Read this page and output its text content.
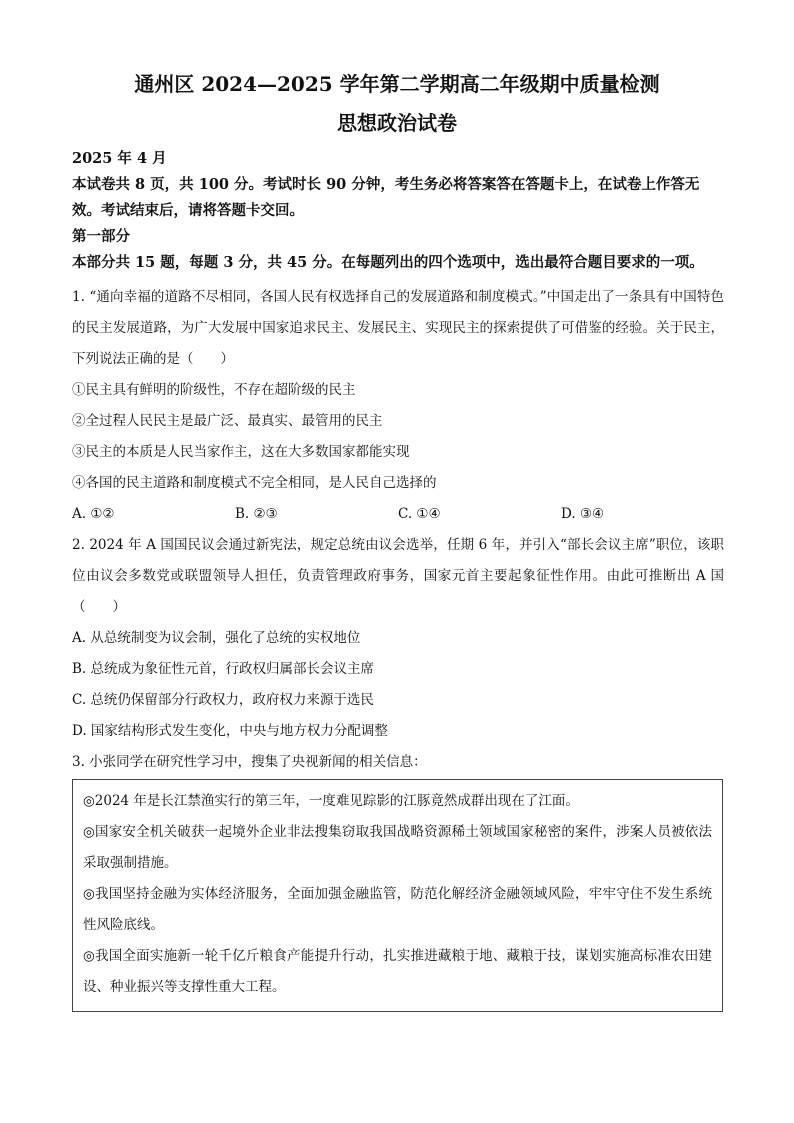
通州区 2024—2025 学年第二学期高二年级期中质量检测
思想政治试卷

2025 年 4 月

本试卷共 8 页，共 100 分。考试时长 90 分钟，考生务必将答案答在答题卡上，在试卷上作答无效。考试结束后，请将答题卡交回。

第一部分

本部分共 15 题，每题 3 分，共 45 分。在每题列出的四个选项中，选出最符合题目要求的一项。

1. “通向幸福的道路不尽相同，各国人民有权选择自己的发展道路和制度模式。”中国走出了一条具有中国特色的民主发展道路，为广大发展中国家追求民主、发展民主、实现民主的探索提供了可借鉴的经验。关于民主，下列说法正确的是（　　）

①民主具有鲜明的阶级性，不存在超阶级的民主

②全过程人民民主是最广泛、最真实、最管用的民主

③民主的本质是人民当家作主，这在大多数国家都能实现

④各国的民主道路和制度模式不完全相同，是人民自己选择的

A. ①②	B. ②③	C. ①④	D. ③④

2. 2024 年 A 国国民议会通过新宪法，规定总统由议会选举，任期 6 年，并引入“部长会议主席”职位，该职位由议会多数党或联盟领导人担任，负责管理政府事务，国家元首主要起象征性作用。由此可推断出 A 国（　　）

A. 从总统制变为议会制，强化了总统的实权地位

B. 总统成为象征性元首，行政权归属部长会议主席

C. 总统仍保留部分行政权力，政府权力来源于选民

D. 国家结构形式发生变化，中央与地方权力分配调整

3. 小张同学在研究性学习中，搜集了央视新闻的相关信息：

◎2024 年是长江禁渔实行的第三年，一度难见踪影的江豚竟然成群出现在了江面。

◎国家安全机关破获一起境外企业非法搜集窃取我国战略资源稀土领域国家秘密的案件，涉案人员被依法采取强制措施。

◎我国坚持金融为实体经济服务，全面加强金融监管，防范化解经济金融领域风险，牢牢守住不发生系统性风险底线。

◎我国全面实施新一轮千亿斤粮食产能提升行动，扎实推进藏粮于地、藏粮于技，谋划实施高标准农田建设、种业振兴等支撑性重大工程。
